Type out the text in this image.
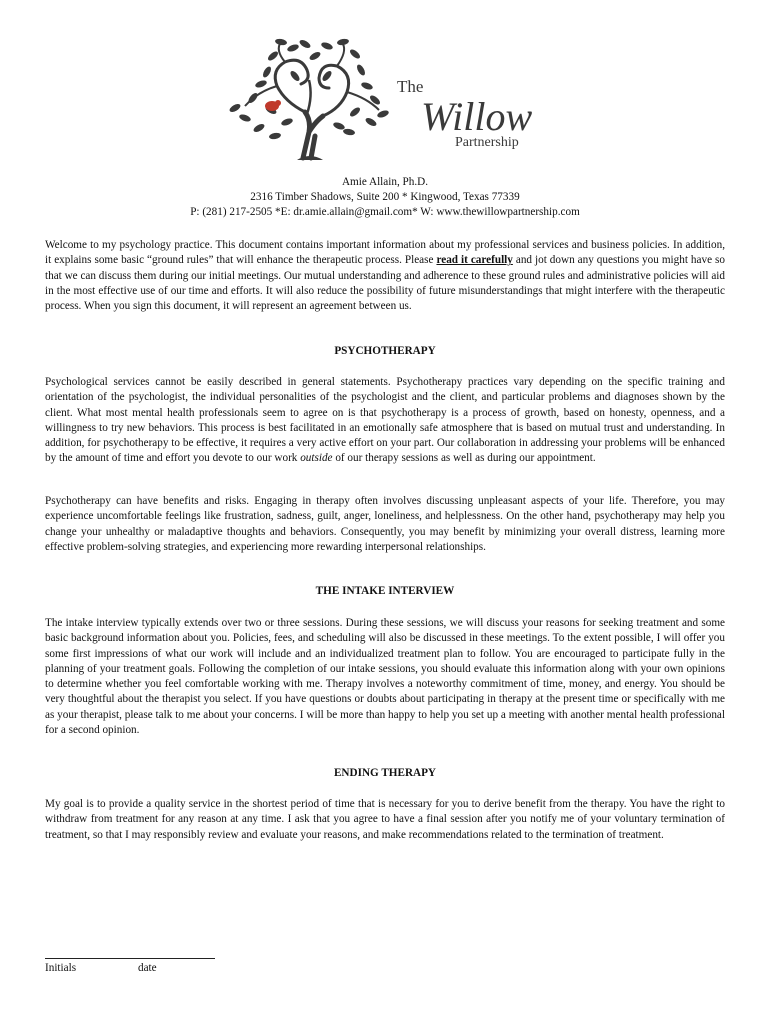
The
Willow
Partnership
Amie Allain, Ph.D.
2316 Timber Shadows, Suite 200 * Kingwood, Texas 77339
P: (281) 217-2505 *E: dr.amie.allain@gmail.com* W: www.thewillowpartnership.com
Welcome to my psychology practice. This document contains important information about my professional services and business policies. In addition, it explains some basic “ground rules” that will enhance the therapeutic process. Please read it carefully and jot down any questions you might have so that we can discuss them during our initial meetings. Our mutual understanding and adherence to these ground rules and administrative policies will aid in the most effective use of our time and efforts. It will also reduce the possibility of future misunderstandings that might interfere with the therapeutic process. When you sign this document, it will represent an agreement between us.
PSYCHOTHERAPY
Psychological services cannot be easily described in general statements. Psychotherapy practices vary depending on the specific training and orientation of the psychologist, the individual personalities of the psychologist and the client, and particular problems and diagnoses shown by the client. What most mental health professionals seem to agree on is that psychotherapy is a process of growth, based on honesty, openness, and a willingness to try new behaviors. This process is best facilitated in an emotionally safe atmosphere that is based on mutual trust and understanding. In addition, for psychotherapy to be effective, it requires a very active effort on your part. Our collaboration in addressing your problems will be enhanced by the amount of time and effort you devote to our work outside of our therapy sessions as well as during our appointment.
Psychotherapy can have benefits and risks. Engaging in therapy often involves discussing unpleasant aspects of your life. Therefore, you may experience uncomfortable feelings like frustration, sadness, guilt, anger, loneliness, and helplessness. On the other hand, psychotherapy may help you change your unhealthy or maladaptive thoughts and behaviors. Consequently, you may benefit by minimizing your overall distress, learning more effective problem-solving strategies, and experiencing more rewarding interpersonal relationships.
THE INTAKE INTERVIEW
The intake interview typically extends over two or three sessions. During these sessions, we will discuss your reasons for seeking treatment and some basic background information about you. Policies, fees, and scheduling will also be discussed in these meetings. To the extent possible, I will offer you some first impressions of what our work will include and an individualized treatment plan to follow. You are encouraged to participate fully in the planning of your treatment goals. Following the completion of our intake sessions, you should evaluate this information along with your own opinions to determine whether you feel comfortable working with me. Therapy involves a noteworthy commitment of time, money, and energy. You should be very thoughtful about the therapist you select. If you have questions or doubts about participating in therapy at the present time or specifically with me as your therapist, please talk to me about your concerns. I will be more than happy to help you set up a meeting with another mental health professional for a second opinion.
ENDING THERAPY
My goal is to provide a quality service in the shortest period of time that is necessary for you to derive benefit from the therapy. You have the right to withdraw from treatment for any reason at any time. I ask that you agree to have a final session after you notify me of your voluntary termination of treatment, so that I may responsibly review and evaluate your reasons, and make recommendations related to the termination of treatment.
Initials	date
